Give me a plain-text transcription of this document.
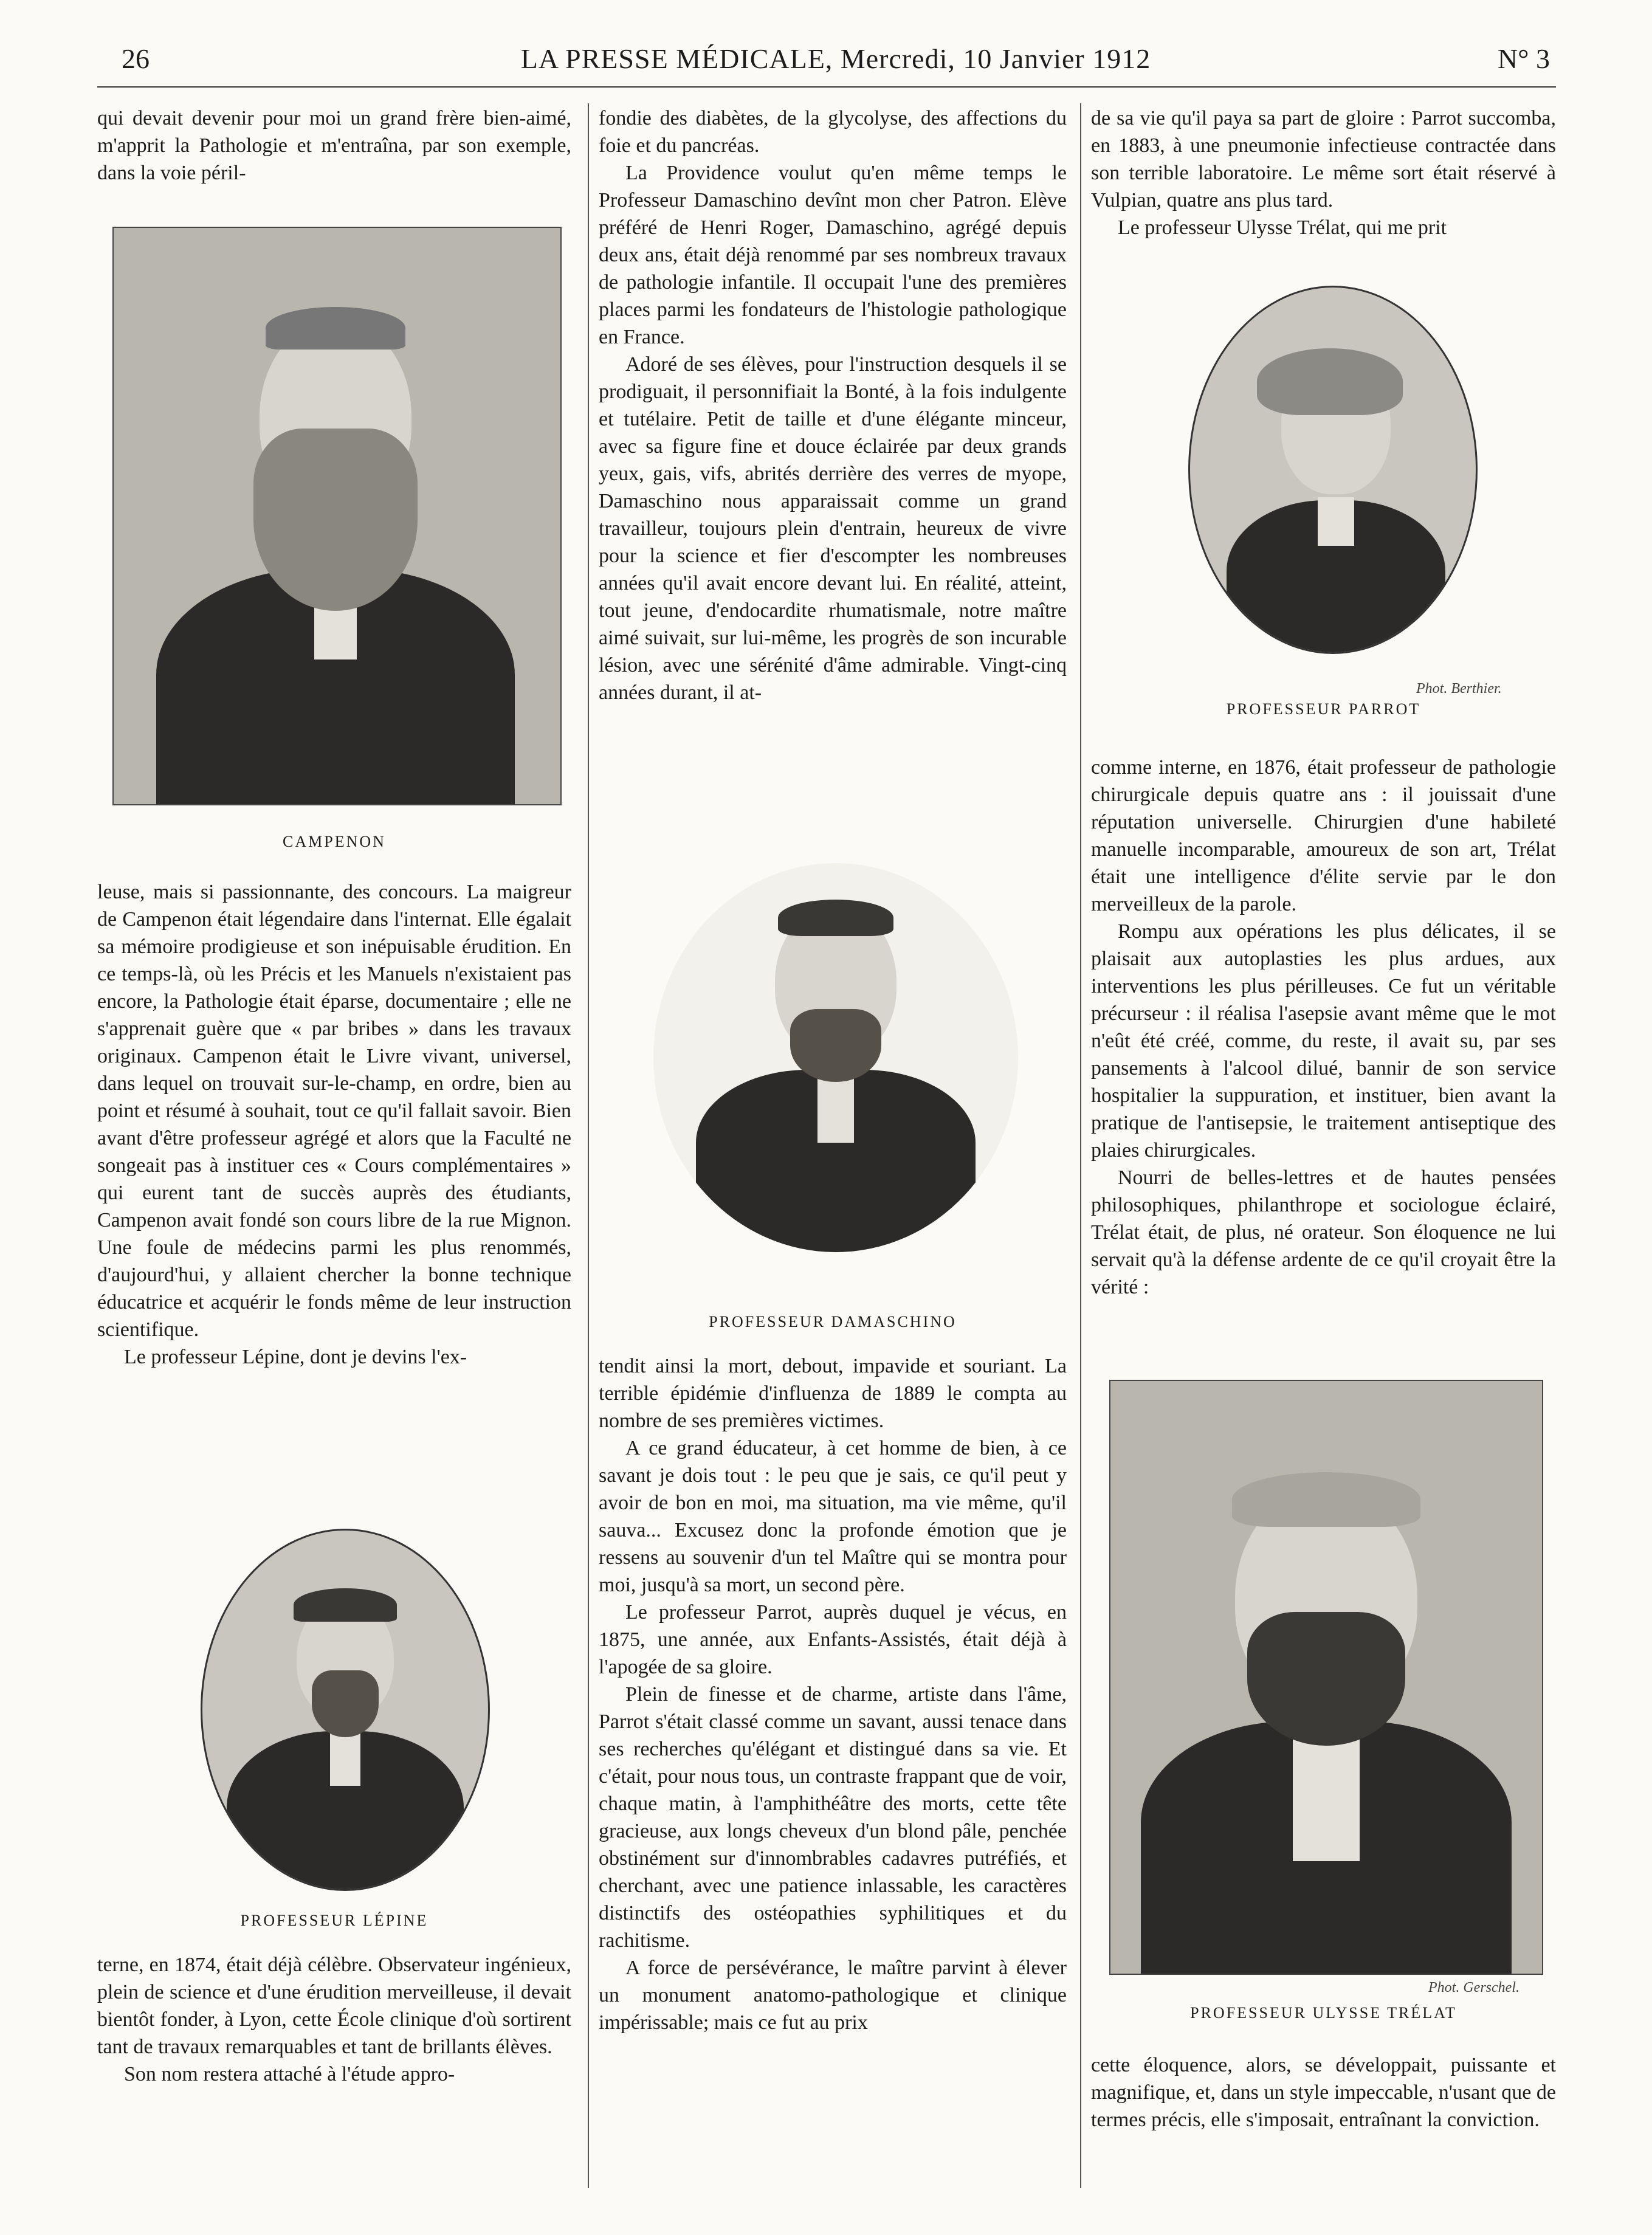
26	LA PRESSE MÉDICALE, Mercredi, 10 Janvier 1912	N° 3

qui devait devenir pour moi un grand frère bien-aimé, m'apprit la Pathologie et m'entraîna, par son exemple, dans la voie péril-

CAMPENON

leuse, mais si passionnante, des concours. La maigreur de Campenon était légendaire dans l'internat. Elle égalait sa mémoire prodigieuse et son inépuisable érudition. En ce temps-là, où les Précis et les Manuels n'existaient pas encore, la Pathologie était éparse, documentaire ; elle ne s'apprenait guère que « par bribes » dans les travaux originaux. Campenon était le Livre vivant, universel, dans lequel on trouvait sur-le-champ, en ordre, bien au point et résumé à souhait, tout ce qu'il fallait savoir. Bien avant d'être professeur agrégé et alors que la Faculté ne songeait pas à instituer ces « Cours complémentaires » qui eurent tant de succès auprès des étudiants, Campenon avait fondé son cours libre de la rue Mignon. Une foule de médecins parmi les plus renommés, d'aujourd'hui, y allaient chercher la bonne technique éducatrice et acquérir le fonds même de leur instruction scientifique.

Le professeur Lépine, dont je devins l'ex-

PROFESSEUR LÉPINE

terne, en 1874, était déjà célèbre. Observateur ingénieux, plein de science et d'une érudition merveilleuse, il devait bientôt fonder, à Lyon, cette École clinique d'où sortirent tant de travaux remarquables et tant de brillants élèves.

Son nom restera attaché à l'étude appro-

fondie des diabètes, de la glycolyse, des affections du foie et du pancréas.

La Providence voulut qu'en même temps le Professeur Damaschino devînt mon cher Patron. Elève préféré de Henri Roger, Damaschino, agrégé depuis deux ans, était déjà renommé par ses nombreux travaux de pathologie infantile. Il occupait l'une des premières places parmi les fondateurs de l'histologie pathologique en France.

Adoré de ses élèves, pour l'instruction desquels il se prodiguait, il personnifiait la Bonté, à la fois indulgente et tutélaire. Petit de taille et d'une élégante minceur, avec sa figure fine et douce éclairée par deux grands yeux, gais, vifs, abrités derrière des verres de myope, Damaschino nous apparaissait comme un grand travailleur, toujours plein d'entrain, heureux de vivre pour la science et fier d'escompter les nombreuses années qu'il avait encore devant lui. En réalité, atteint, tout jeune, d'endocardite rhumatismale, notre maître aimé suivait, sur lui-même, les progrès de son incurable lésion, avec une sérénité d'âme admirable. Vingt-cinq années durant, il at-

PROFESSEUR DAMASCHINO

tendit ainsi la mort, debout, impavide et souriant. La terrible épidémie d'influenza de 1889 le compta au nombre de ses premières victimes.

A ce grand éducateur, à cet homme de bien, à ce savant je dois tout : le peu que je sais, ce qu'il peut y avoir de bon en moi, ma situation, ma vie même, qu'il sauva... Excusez donc la profonde émotion que je ressens au souvenir d'un tel Maître qui se montra pour moi, jusqu'à sa mort, un second père.

Le professeur Parrot, auprès duquel je vécus, en 1875, une année, aux Enfants-Assistés, était déjà à l'apogée de sa gloire.

Plein de finesse et de charme, artiste dans l'âme, Parrot s'était classé comme un savant, aussi tenace dans ses recherches qu'élégant et distingué dans sa vie. Et c'était, pour nous tous, un contraste frappant que de voir, chaque matin, à l'amphithéâtre des morts, cette tête gracieuse, aux longs cheveux d'un blond pâle, penchée obstinément sur d'innombrables cadavres putréfiés, et cherchant, avec une patience inlassable, les caractères distinctifs des ostéopathies syphilitiques et du rachitisme.

A force de persévérance, le maître parvint à élever un monument anatomo-pathologique et clinique impérissable; mais ce fut au prix

de sa vie qu'il paya sa part de gloire : Parrot succomba, en 1883, à une pneumonie infectieuse contractée dans son terrible laboratoire. Le même sort était réservé à Vulpian, quatre ans plus tard.

Le professeur Ulysse Trélat, qui me prit

Phot. Berthier.
PROFESSEUR PARROT

comme interne, en 1876, était professeur de pathologie chirurgicale depuis quatre ans : il jouissait d'une réputation universelle. Chirurgien d'une habileté manuelle incomparable, amoureux de son art, Trélat était une intelligence d'élite servie par le don merveilleux de la parole.

Rompu aux opérations les plus délicates, il se plaisait aux autoplasties les plus ardues, aux interventions les plus périlleuses. Ce fut un véritable précurseur : il réalisa l'asepsie avant même que le mot n'eût été créé, comme, du reste, il avait su, par ses pansements à l'alcool dilué, bannir de son service hospitalier la suppuration, et instituer, bien avant la pratique de l'antisepsie, le traitement antiseptique des plaies chirurgicales.

Nourri de belles-lettres et de hautes pensées philosophiques, philanthrope et sociologue éclairé, Trélat était, de plus, né orateur. Son éloquence ne lui servait qu'à la défense ardente de ce qu'il croyait être la vérité :

Phot. Gerschel.
PROFESSEUR ULYSSE TRÉLAT

cette éloquence, alors, se développait, puissante et magnifique, et, dans un style impeccable, n'usant que de termes précis, elle s'imposait, entraînant la conviction.
